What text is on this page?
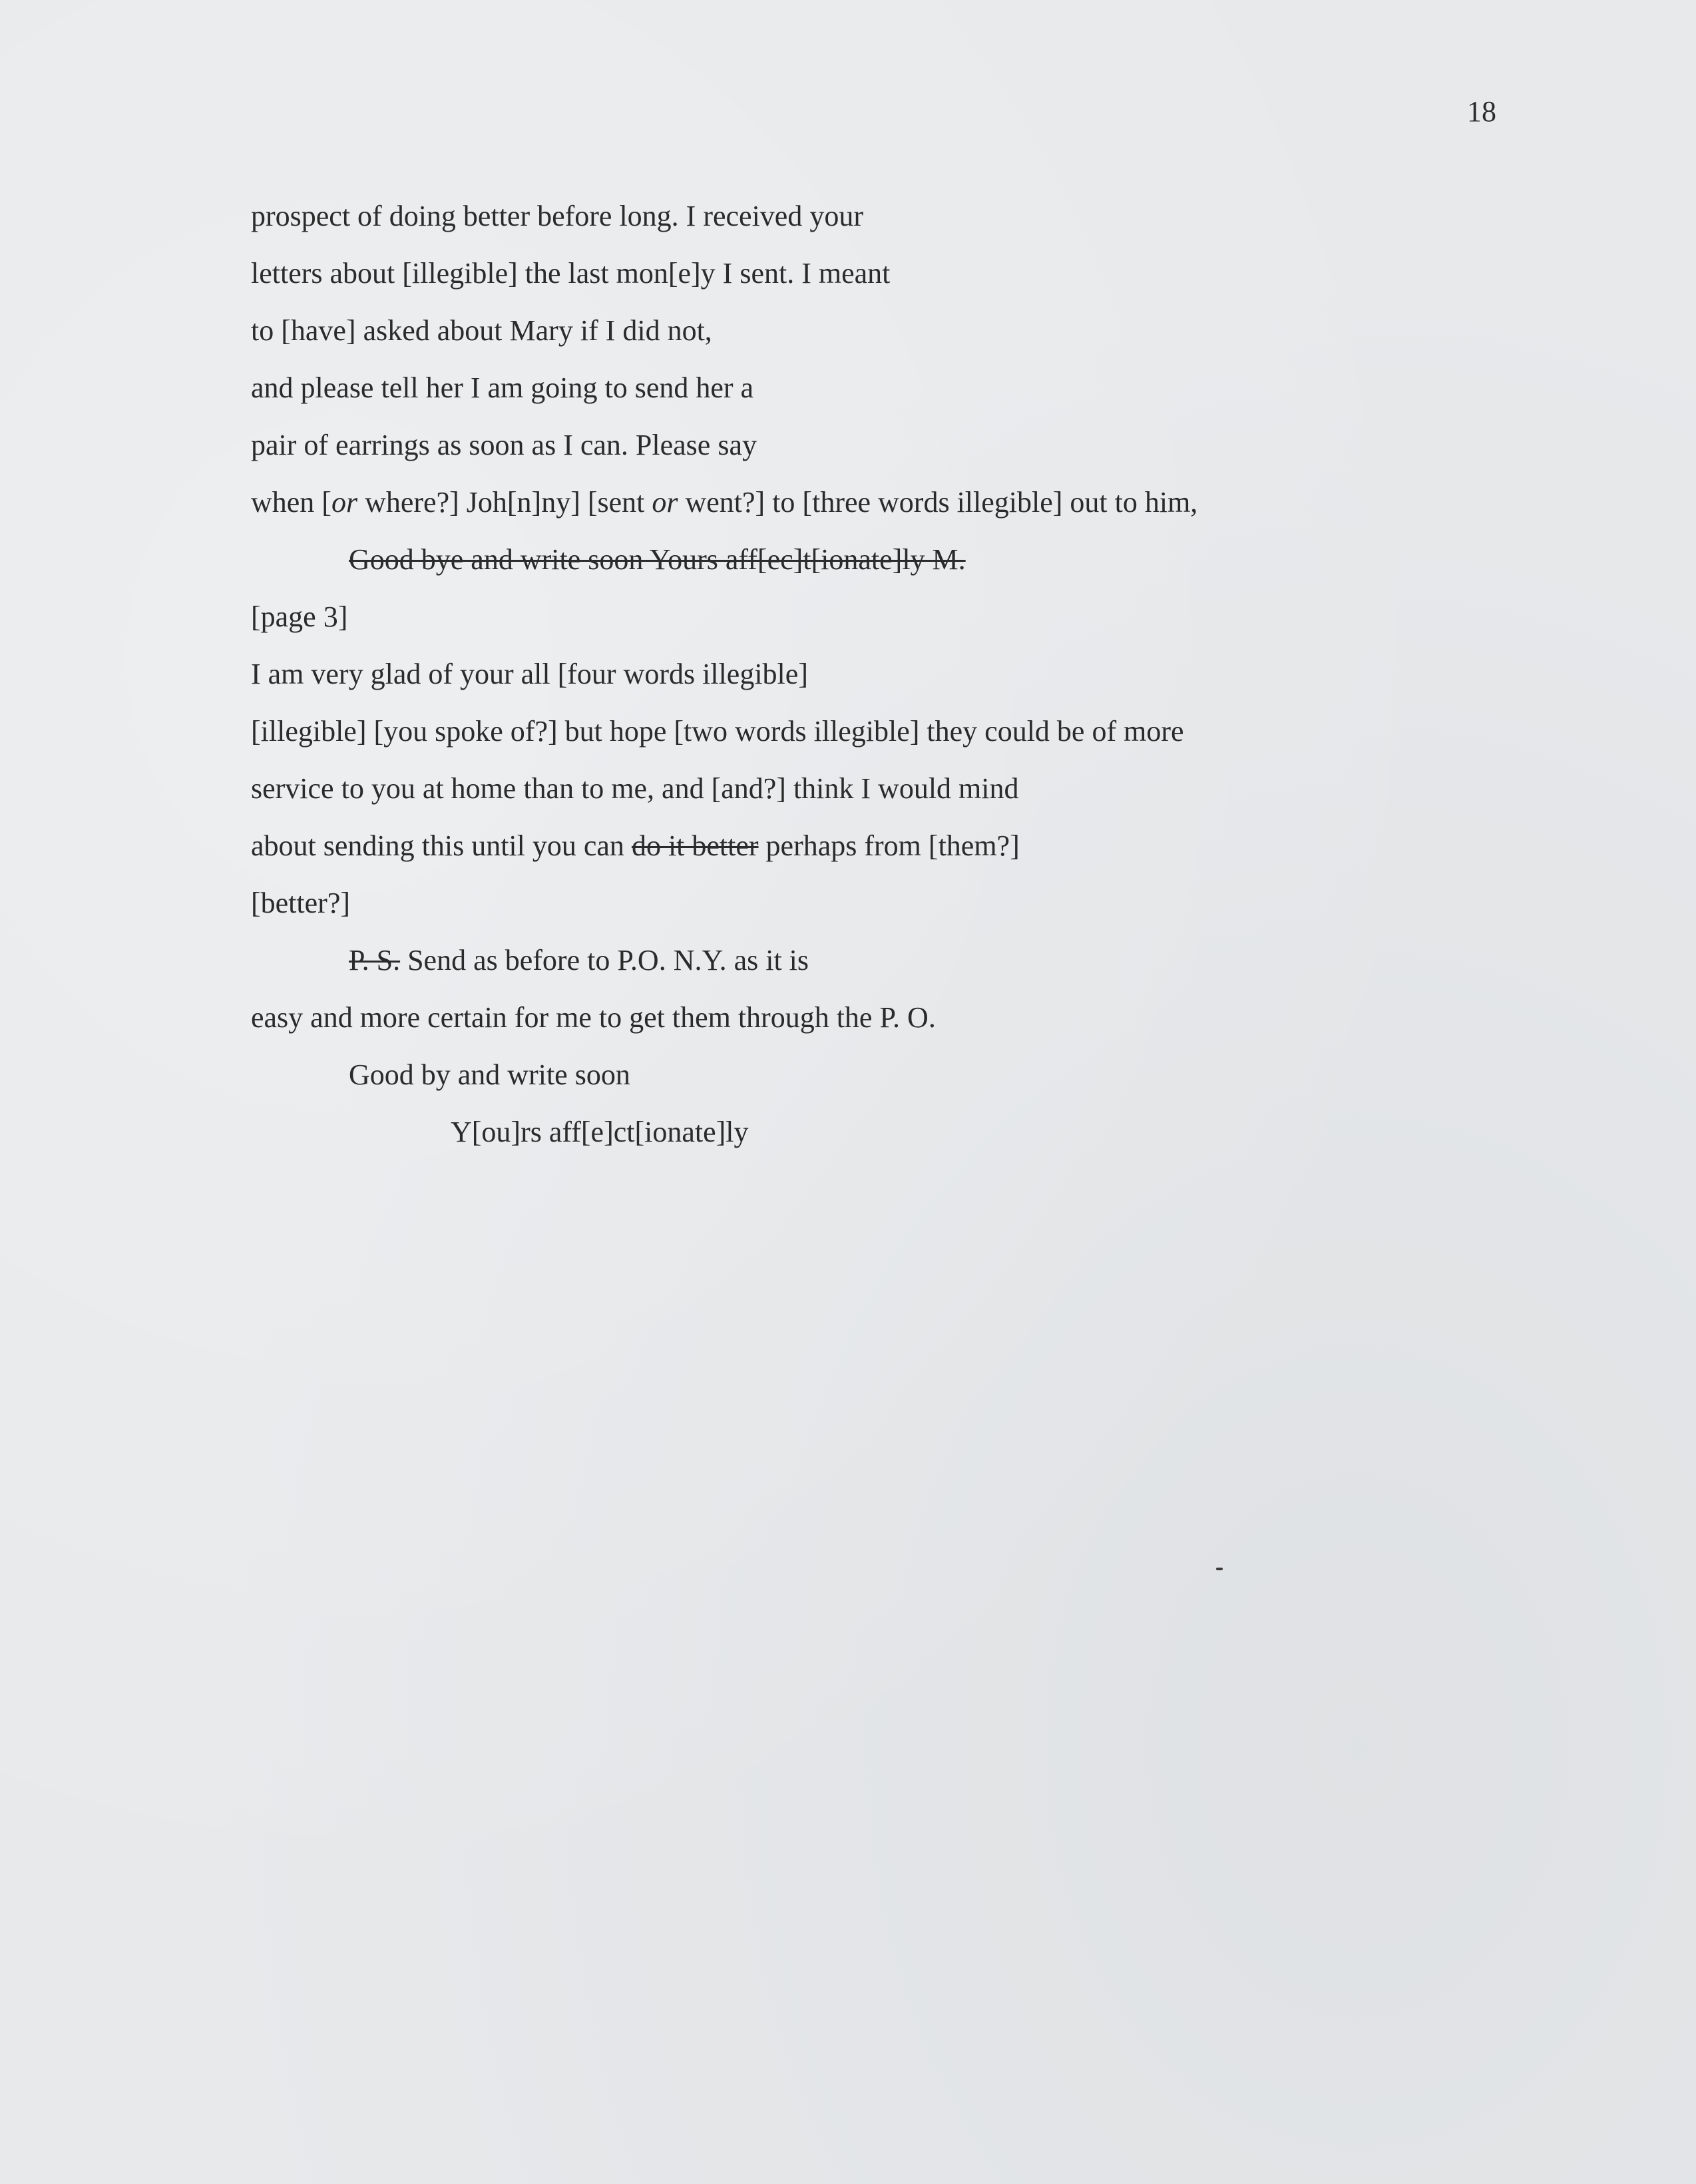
18
prospect of doing better before long. I received your
letters about [illegible] the last mon[e]y I sent. I meant
to [have] asked about Mary if I did not,
and please tell her I am going to send her a
pair of earrings as soon as I can. Please say
when [or where?] Joh[n]ny] [sent or went?] to [three words illegible] out to him,
Good bye and write soon Yours aff[ec]t[ionate]ly M.
[page 3]
I am very glad of your all [four words illegible]
[illegible] [you spoke of?] but hope [two words illegible] they could be of more
service to you at home than to me, and [and?] think I would mind
about sending this until you can do it better perhaps from [them?]
[better?]
P. S. Send as before to P.O. N.Y. as it is
easy and more certain for me to get them through the P. O.
Good by and write soon
Y[ou]rs aff[e]ct[ionate]ly
